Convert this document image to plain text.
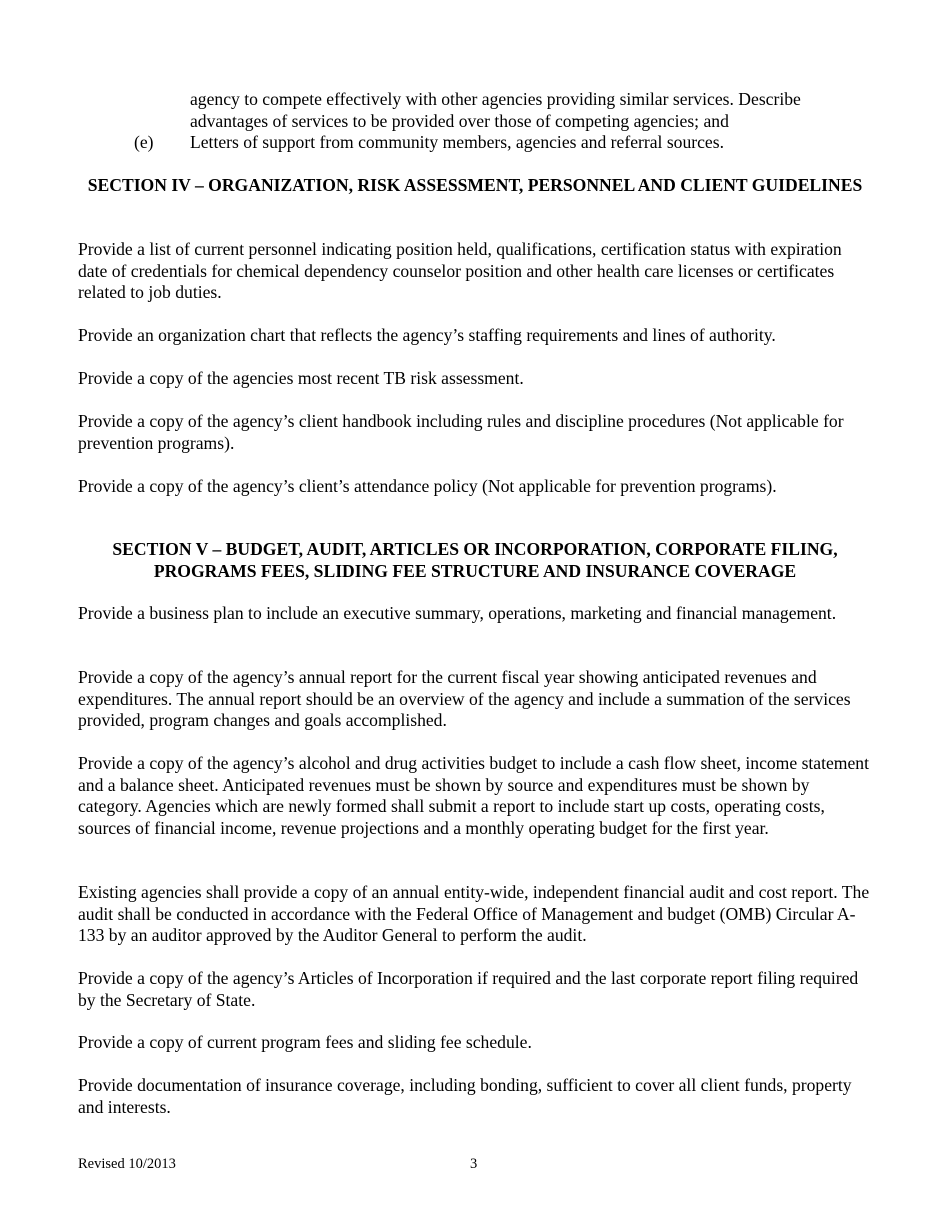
agency to compete effectively with other agencies providing similar services. Describe advantages of services to be provided over those of competing agencies; and
(e) Letters of support from community members, agencies and referral sources.
SECTION IV – ORGANIZATION, RISK ASSESSMENT, PERSONNEL AND CLIENT GUIDELINES
Provide a list of current personnel indicating position held, qualifications, certification status with expiration date of credentials for chemical dependency counselor position and other health care licenses or certificates related to job duties.
Provide an organization chart that reflects the agency’s staffing requirements and lines of authority.
Provide a copy of the agencies most recent TB risk assessment.
Provide a copy of the agency’s client handbook including rules and discipline procedures (Not applicable for prevention programs).
Provide a copy of the agency’s client’s attendance policy (Not applicable for prevention programs).
SECTION V – BUDGET, AUDIT, ARTICLES OR INCORPORATION, CORPORATE FILING, PROGRAMS FEES, SLIDING FEE STRUCTURE AND INSURANCE COVERAGE
Provide a business plan to include an executive summary, operations, marketing and financial management.
Provide a copy of the agency’s annual report for the current fiscal year showing anticipated revenues and expenditures. The annual report should be an overview of the agency and include a summation of the services provided, program changes and goals accomplished.
Provide a copy of the agency’s alcohol and drug activities budget to include a cash flow sheet, income statement and a balance sheet. Anticipated revenues must be shown by source and expenditures must be shown by category. Agencies which are newly formed shall submit a report to include start up costs, operating costs, sources of financial income, revenue projections and a monthly operating budget for the first year.
Existing agencies shall provide a copy of an annual entity-wide, independent financial audit and cost report. The audit shall be conducted in accordance with the Federal Office of Management and budget (OMB) Circular A-133 by an auditor approved by the Auditor General to perform the audit.
Provide a copy of the agency’s Articles of Incorporation if required and the last corporate report filing required by the Secretary of State.
Provide a copy of current program fees and sliding fee schedule.
Provide documentation of insurance coverage, including bonding, sufficient to cover all client funds, property and interests.
Revised 10/2013	3
